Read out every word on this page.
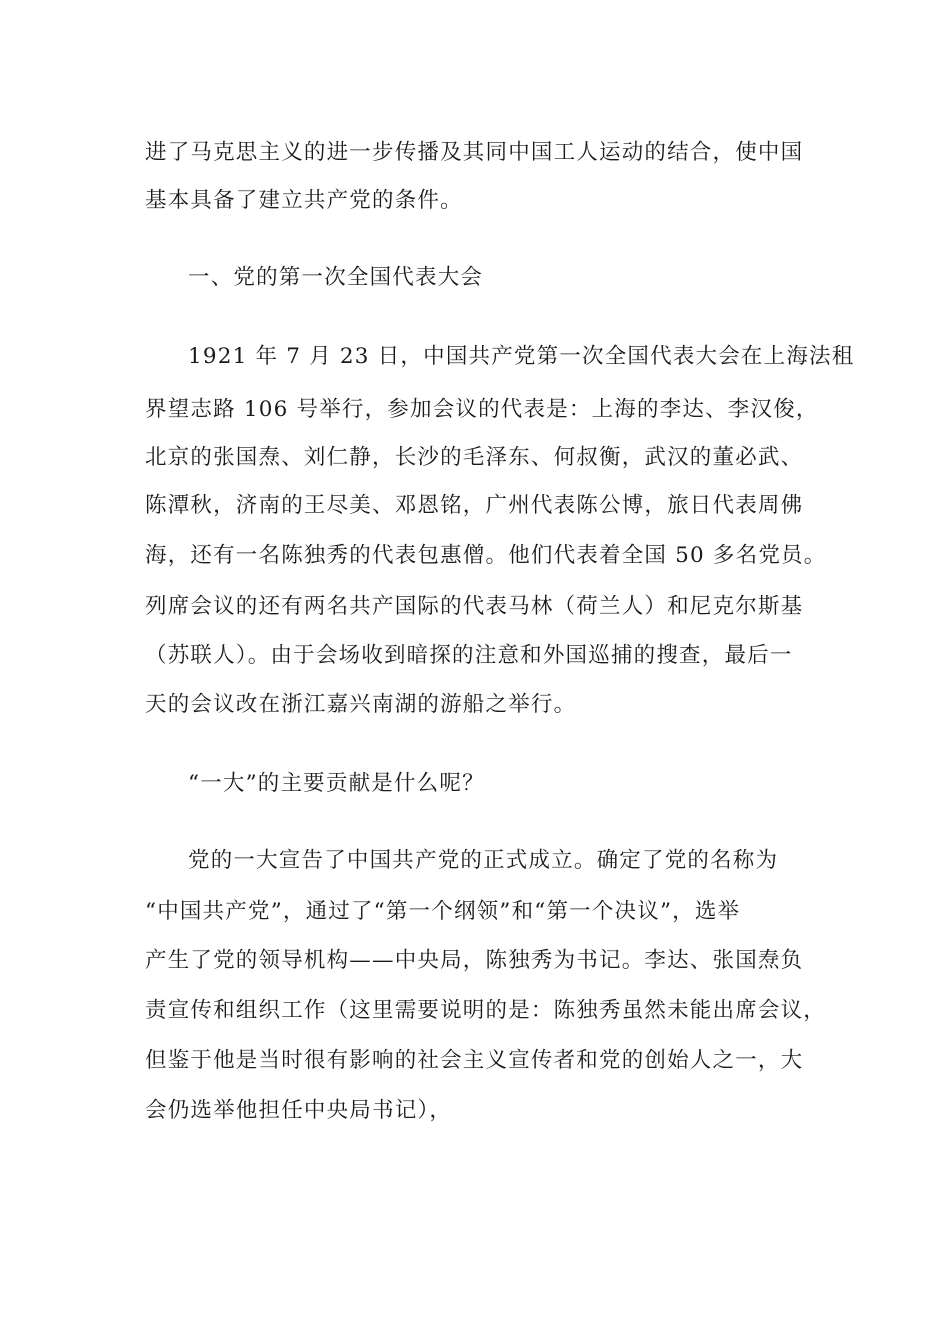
进了马克思主义的进一步传播及其同中国工人运动的结合，使中国
基本具备了建立共产党的条件。
一、党的第一次全国代表大会
1921 年 7 月 23 日，中国共产党第一次全国代表大会在上海法租
界望志路 106 号举行，参加会议的代表是：上海的李达、李汉俊，
北京的张国焘、刘仁静，长沙的毛泽东、何叔衡，武汉的董必武、
陈潭秋，济南的王尽美、邓恩铭，广州代表陈公博，旅日代表周佛
海，还有一名陈独秀的代表包惠僧。他们代表着全国 50 多名党员。
列席会议的还有两名共产国际的代表马林（荷兰人）和尼克尔斯基
（苏联人）。由于会场收到暗探的注意和外国巡捕的搜查，最后一
天的会议改在浙江嘉兴南湖的游船之举行。
“一大”的主要贡献是什么呢？
党的一大宣告了中国共产党的正式成立。确定了党的名称为
“中国共产党”，通过了“第一个纲领”和“第一个决议”，选举
产生了党的领导机构——中央局，陈独秀为书记。李达、张国焘负
责宣传和组织工作（这里需要说明的是：陈独秀虽然未能出席会议，
但鉴于他是当时很有影响的社会主义宣传者和党的创始人之一，大
会仍选举他担任中央局书记），
